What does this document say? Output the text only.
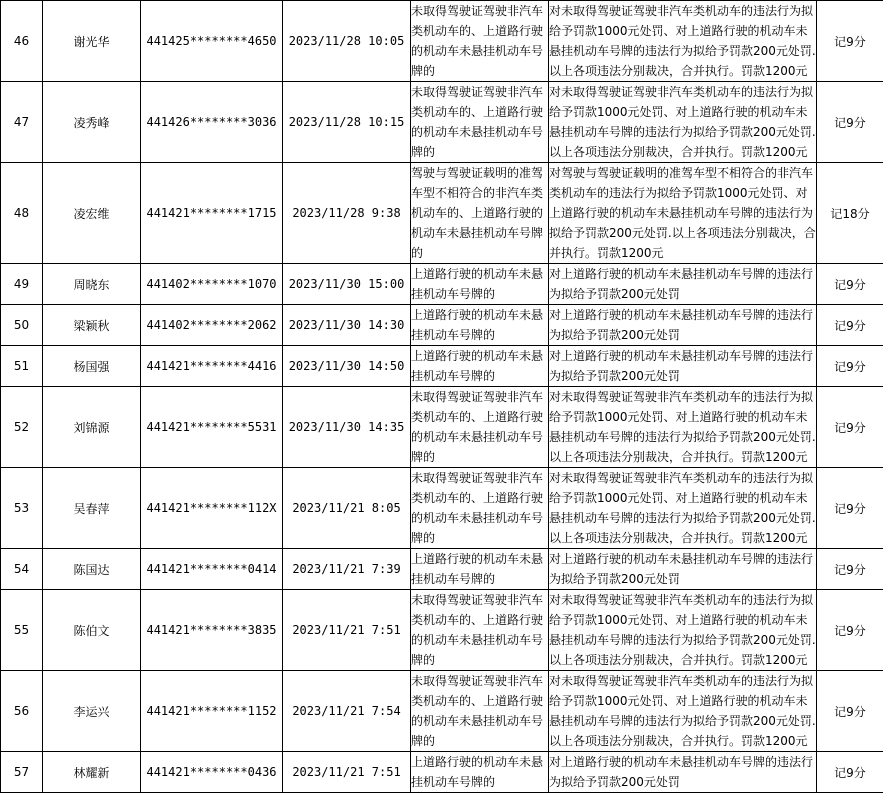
46	谢光华	441425********4650	2023/11/28 10:05	未取得驾驶证驾驶非汽车类机动车的、上道路行驶的机动车未悬挂机动车号牌的	对未取得驾驶证驾驶非汽车类机动车的违法行为拟给予罚款1000元处罚、对上道路行驶的机动车未悬挂机动车号牌的违法行为拟给予罚款200元处罚.以上各项违法分别裁决，合并执行。罚款1200元	记9分
47	凌秀峰	441426********3036	2023/11/28 10:15	未取得驾驶证驾驶非汽车类机动车的、上道路行驶的机动车未悬挂机动车号牌的	对未取得驾驶证驾驶非汽车类机动车的违法行为拟给予罚款1000元处罚、对上道路行驶的机动车未悬挂机动车号牌的违法行为拟给予罚款200元处罚.以上各项违法分别裁决，合并执行。罚款1200元	记9分
48	凌宏维	441421********1715	2023/11/28 9:38	驾驶与驾驶证载明的准驾车型不相符合的非汽车类机动车的、上道路行驶的机动车未悬挂机动车号牌的	对驾驶与驾驶证载明的准驾车型不相符合的非汽车类机动车的违法行为拟给予罚款1000元处罚、对上道路行驶的机动车未悬挂机动车号牌的违法行为拟给予罚款200元处罚.以上各项违法分别裁决，合并执行。罚款1200元	记18分
49	周晓东	441402********1070	2023/11/30 15:00	上道路行驶的机动车未悬挂机动车号牌的	对上道路行驶的机动车未悬挂机动车号牌的违法行为拟给予罚款200元处罚	记9分
50	梁颖秋	441402********2062	2023/11/30 14:30	上道路行驶的机动车未悬挂机动车号牌的	对上道路行驶的机动车未悬挂机动车号牌的违法行为拟给予罚款200元处罚	记9分
51	杨国强	441421********4416	2023/11/30 14:50	上道路行驶的机动车未悬挂机动车号牌的	对上道路行驶的机动车未悬挂机动车号牌的违法行为拟给予罚款200元处罚	记9分
52	刘锦源	441421********5531	2023/11/30 14:35	未取得驾驶证驾驶非汽车类机动车的、上道路行驶的机动车未悬挂机动车号牌的	对未取得驾驶证驾驶非汽车类机动车的违法行为拟给予罚款1000元处罚、对上道路行驶的机动车未悬挂机动车号牌的违法行为拟给予罚款200元处罚.以上各项违法分别裁决，合并执行。罚款1200元	记9分
53	吴春萍	441421********112X	2023/11/21 8:05	未取得驾驶证驾驶非汽车类机动车的、上道路行驶的机动车未悬挂机动车号牌的	对未取得驾驶证驾驶非汽车类机动车的违法行为拟给予罚款1000元处罚、对上道路行驶的机动车未悬挂机动车号牌的违法行为拟给予罚款200元处罚.以上各项违法分别裁决，合并执行。罚款1200元	记9分
54	陈国达	441421********0414	2023/11/21 7:39	上道路行驶的机动车未悬挂机动车号牌的	对上道路行驶的机动车未悬挂机动车号牌的违法行为拟给予罚款200元处罚	记9分
55	陈伯文	441421********3835	2023/11/21 7:51	未取得驾驶证驾驶非汽车类机动车的、上道路行驶的机动车未悬挂机动车号牌的	对未取得驾驶证驾驶非汽车类机动车的违法行为拟给予罚款1000元处罚、对上道路行驶的机动车未悬挂机动车号牌的违法行为拟给予罚款200元处罚.以上各项违法分别裁决，合并执行。罚款1200元	记9分
56	李运兴	441421********1152	2023/11/21 7:54	未取得驾驶证驾驶非汽车类机动车的、上道路行驶的机动车未悬挂机动车号牌的	对未取得驾驶证驾驶非汽车类机动车的违法行为拟给予罚款1000元处罚、对上道路行驶的机动车未悬挂机动车号牌的违法行为拟给予罚款200元处罚.以上各项违法分别裁决，合并执行。罚款1200元	记9分
57	林耀新	441421********0436	2023/11/21 7:51	上道路行驶的机动车未悬挂机动车号牌的	对上道路行驶的机动车未悬挂机动车号牌的违法行为拟给予罚款200元处罚	记9分
